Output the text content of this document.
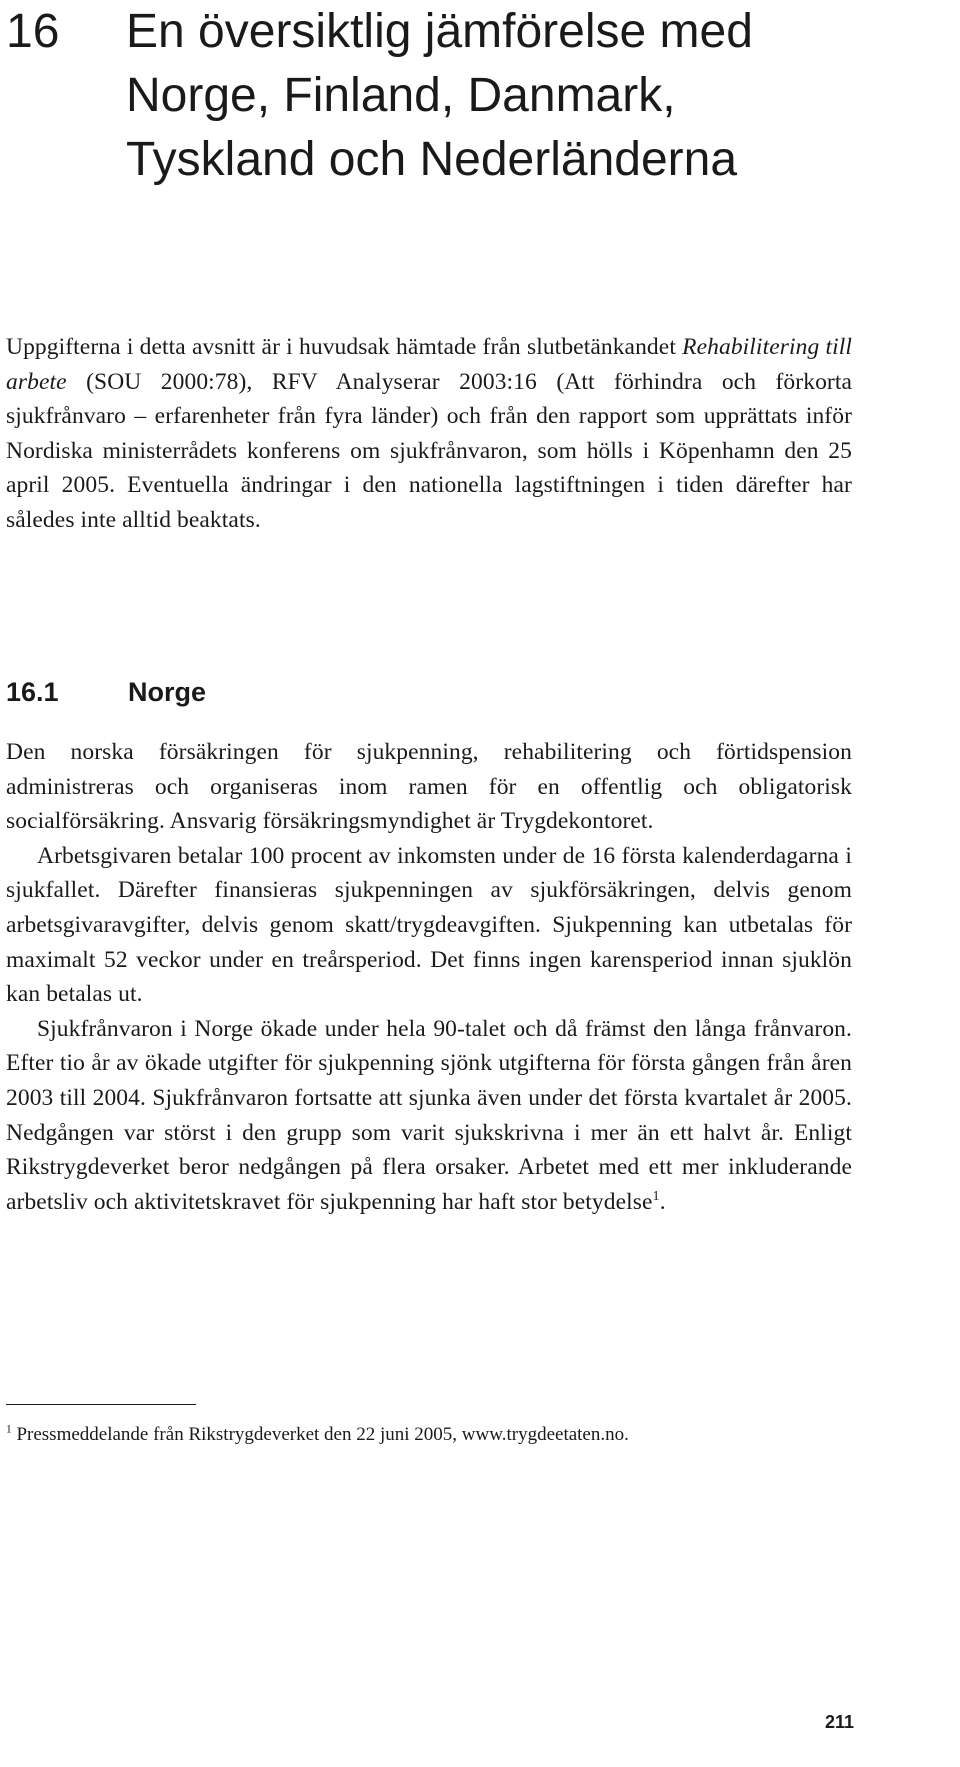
16 En översiktlig jämförelse med
Norge, Finland, Danmark,
Tyskland och Nederländerna

Uppgifterna i detta avsnitt är i huvudsak hämtade från slutbetänkandet Rehabilitering till arbete (SOU 2000:78), RFV Analyserar 2003:16 (Att förhindra och förkorta sjukfrånvaro – erfarenheter från fyra länder) och från den rapport som upprättats inför Nordiska ministerrådets konferens om sjukfrånvaron, som hölls i Köpenhamn den 25 april 2005. Eventuella ändringar i den nationella lagstiftningen i tiden därefter har således inte alltid beaktats.

16.1	Norge

Den norska försäkringen för sjukpenning, rehabilitering och förtidspension administreras och organiseras inom ramen för en offentlig och obligatorisk socialförsäkring. Ansvarig försäkringsmyndighet är Trygdekontoret.

Arbetsgivaren betalar 100 procent av inkomsten under de 16 första kalenderdagarna i sjukfallet. Därefter finansieras sjukpenningen av sjukförsäkringen, delvis genom arbetsgivaravgifter, delvis genom skatt/trygdeavgiften. Sjukpenning kan utbetalas för maximalt 52 veckor under en treårsperiod. Det finns ingen karensperiod innan sjuklön kan betalas ut.

Sjukfrånvaron i Norge ökade under hela 90-talet och då främst den långa frånvaron. Efter tio år av ökade utgifter för sjukpenning sjönk utgifterna för första gången från åren 2003 till 2004. Sjukfrånvaron fortsatte att sjunka även under det första kvartalet år 2005. Nedgången var störst i den grupp som varit sjukskrivna i mer än ett halvt år. Enligt Rikstrygdeverket beror nedgången på flera orsaker. Arbetet med ett mer inkluderande arbetsliv och aktivitetskravet för sjukpenning har haft stor betydelse$^1$.

$^1$ Pressmeddelande från Rikstrygdeverket den 22 juni 2005, www.trygdeetaten.no.
211
